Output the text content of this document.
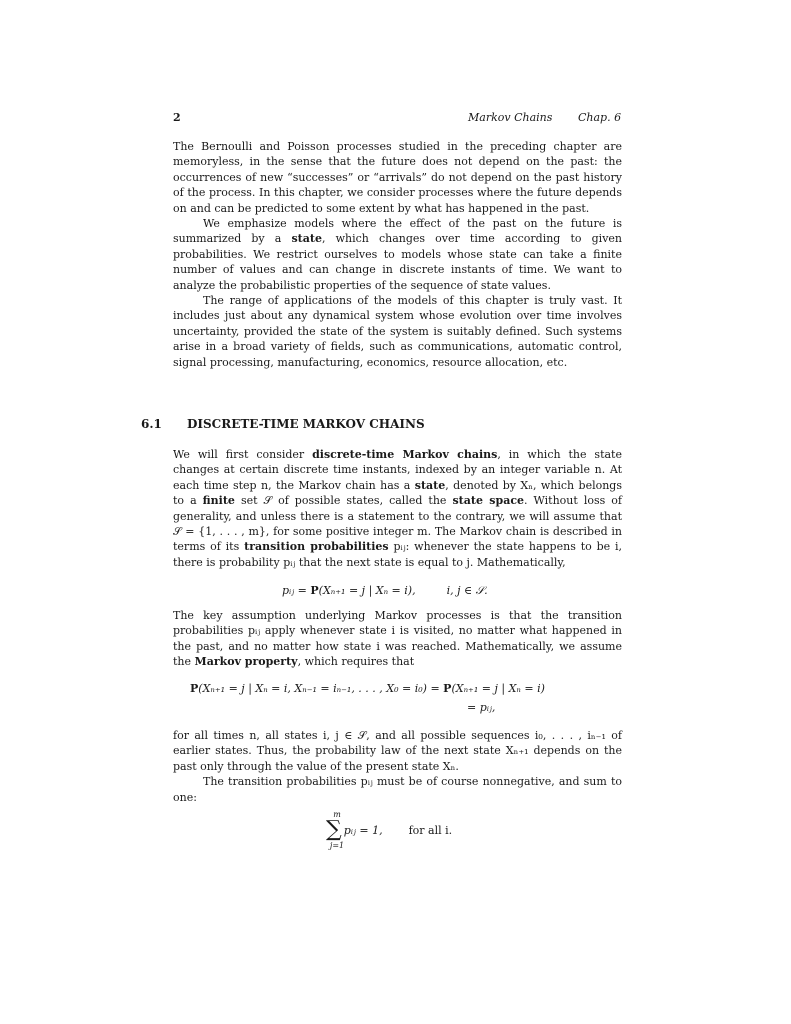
2	Markov Chains Chap. 6

The Bernoulli and Poisson processes studied in the preceding chapter are memoryless, in the sense that the future does not depend on the past: the occurrences of new “successes” or “arrivals” do not depend on the past history of the process. In this chapter, we consider processes where the future depends on and can be predicted to some extent by what has happened in the past.

We emphasize models where the effect of the past on the future is summarized by a state, which changes over time according to given probabilities. We restrict ourselves to models whose state can take a finite number of values and can change in discrete instants of time. We want to analyze the probabilistic properties of the sequence of state values.

The range of applications of the models of this chapter is truly vast. It includes just about any dynamical system whose evolution over time involves uncertainty, provided the state of the system is suitably defined. Such systems arise in a broad variety of fields, such as communications, automatic control, signal processing, manufacturing, economics, resource allocation, etc.

6.1 DISCRETE-TIME MARKOV CHAINS

We will first consider discrete-time Markov chains, in which the state changes at certain discrete time instants, indexed by an integer variable n. At each time step n, the Markov chain has a state, denoted by Xₙ, which belongs to a finite set 𝒮 of possible states, called the state space. Without loss of generality, and unless there is a statement to the contrary, we will assume that 𝒮 = {1, . . . , m}, for some positive integer m. The Markov chain is described in terms of its transition probabilities pᵢⱼ: whenever the state happens to be i, there is probability pᵢⱼ that the next state is equal to j. Mathematically,

pᵢⱼ = P(Xₙ₊₁ = j | Xₙ = i),	i, j ∈ 𝒮.

The key assumption underlying Markov processes is that the transition probabilities pᵢⱼ apply whenever state i is visited, no matter what happened in the past, and no matter how state i was reached. Mathematically, we assume the Markov property, which requires that

P(Xₙ₊₁ = j | Xₙ = i, Xₙ₋₁ = iₙ₋₁, . . . , X₀ = i₀) = P(Xₙ₊₁ = j | Xₙ = i)
= pᵢⱼ,

for all times n, all states i, j ∈ 𝒮, and all possible sequences i₀, . . . , iₙ₋₁ of earlier states. Thus, the probability law of the next state Xₙ₊₁ depends on the past only through the value of the present state Xₙ.

The transition probabilities pᵢⱼ must be of course nonnegative, and sum to one:

m
∑ pᵢⱼ = 1, for all i.
j=1
